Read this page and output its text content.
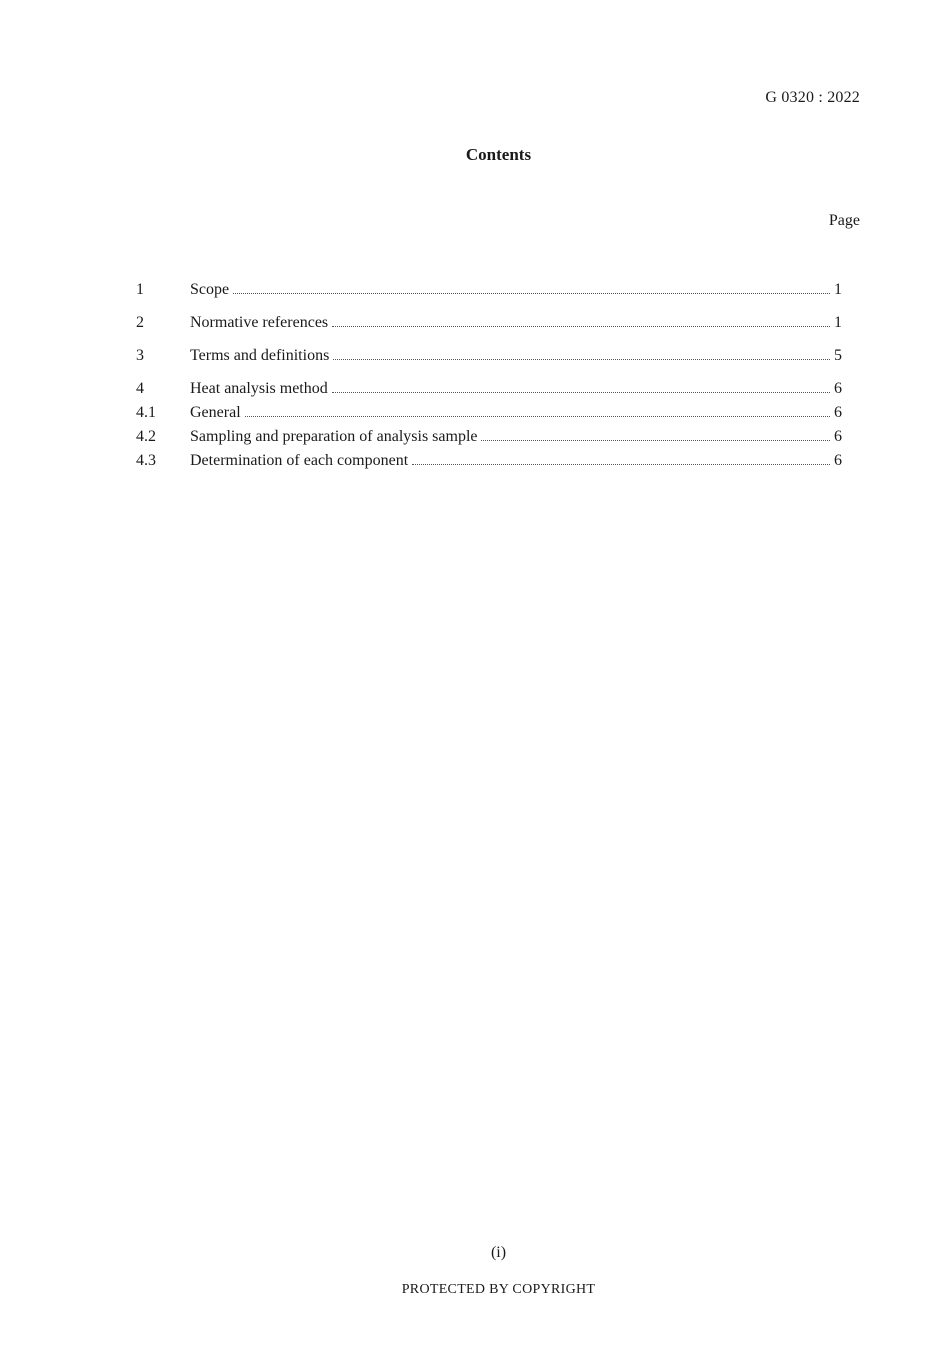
G 0320 : 2022
Contents
Page
1	Scope	1
2	Normative references	1
3	Terms and definitions	5
4	Heat analysis method	6
4.1	General	6
4.2	Sampling and preparation of analysis sample	6
4.3	Determination of each component	6
(i)
PROTECTED BY COPYRIGHT
